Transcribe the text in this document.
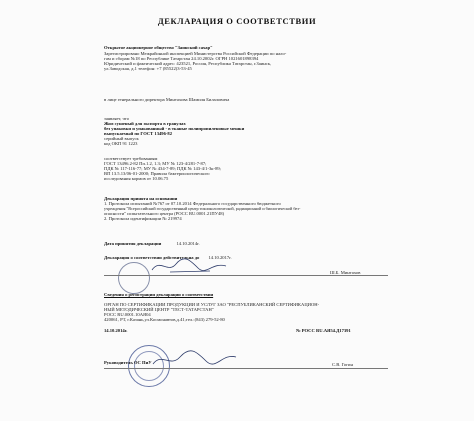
ДЕКЛАРАЦИЯ О СООТВЕТСТВИИ
Открытое акционерное общество "Заинский сахар"
Зарегистрировано Межрайонной инспекцией Министерства Российской Федерации по нало-
гам и сборам №18 по Республике Татарстан 24.10.2002г. ОГРН 1021601898394
Юридический и фактический адрес: 423521, Россия, Республика Татарстан, г.Заинск,
ул.Заводская, д.1 телефон: +7 (85522)3-53-45
в лице генерального директора Минтахова Шамиля Билаловича
заявляет, что
Жом сушеный для экспорта в гранулах
без упаковки и упакованный - в тканые полипропиленовые мешки
выпускаемый по ГОСТ 13496-82
серийный выпуск
код ОКП 91 1223
соответствует требованиям
ГОСТ 13496.2-82 Пп.1.2, 1.3; МУ № 123-4/281-7-87;
ПДК № 117-116-77; МУ № 434-7-89; ПДК № 143-4/1-3к-89;
ВП 13.5.13/06-01-2000; Правила бактериологического
исследования кормов от 10.06.75
Декларация принята на основании
1. Протокола испытаний №767 от 07.10.2014 Федерального государственного бюджетного
учреждения "Всероссийский государственный центр токсикологической, радиационной и биологической без-
опасности" испытательного центра (РОСС RU.0001.21ПУ48)
2. Протокола идентификации № 219974
Дата принятия декларации	14.10.2014г.
Декларация о соответствии действительна до 14.10.2017г.
Ш.Б. Минтахов
Сведения о регистрации декларации о соответствии
ОРГАН ПО СЕРТИФИКАЦИИ ПРОДУКЦИИ И УСЛУГ ЗАО "РЕСПУБЛИКАНСКИЙ СЕРТИФИКАЦИОН-
НЫЙ МЕТОДИЧЕСКИЙ ЦЕНТР "ТЕСТ-ТАТАРСТАН"
РОСС RU.0001.10АЯ04
420061, РТ, г.Казань,ул.Космонавтов,д.41,тел.:(843) 279-52-80
14.10.2014г.	№ РОСС RU.АЯ54.Д17391
Руководитель ОС ПиУ	С.В. Гогин
